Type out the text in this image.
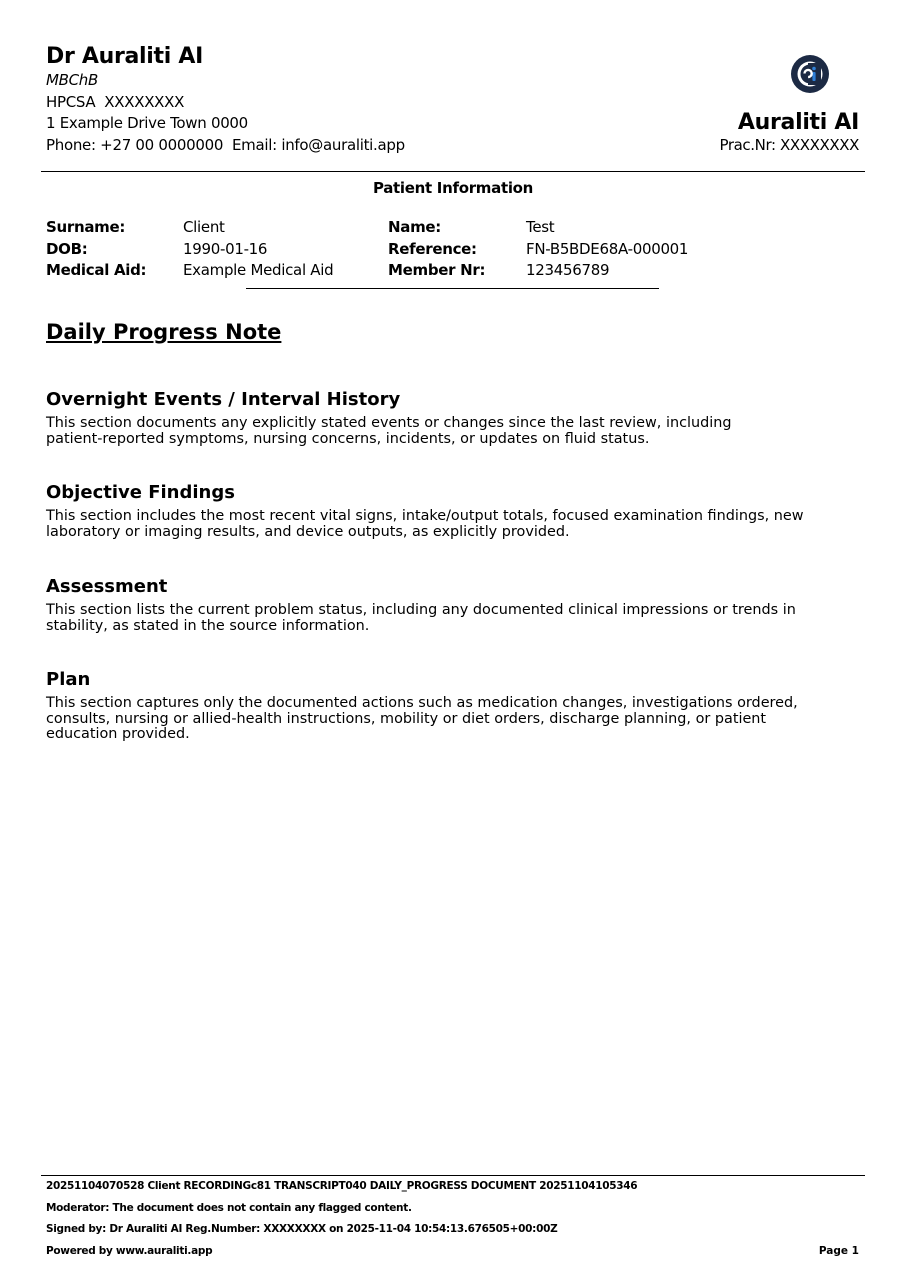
Dr Auraliti AI
MBChB
HPCSA  XXXXXXXX
1 Example Drive Town 0000
Phone: +27 00 0000000  Email: info@auraliti.app
Auraliti AI
Prac.Nr: XXXXXXXX
Patient Information
Surname:	Client	Name:	Test
DOB:	1990-01-16	Reference:	FN-B5BDE68A-000001
Medical Aid: Example Medical Aid	Member Nr:	123456789
Daily Progress Note
Overnight Events / Interval History
This section documents any explicitly stated events or changes since the last review, including
patient-reported symptoms, nursing concerns, incidents, or updates on fluid status.
Objective Findings
This section includes the most recent vital signs, intake/output totals, focused examination findings, new
laboratory or imaging results, and device outputs, as explicitly provided.
Assessment
This section lists the current problem status, including any documented clinical impressions or trends in
stability, as stated in the source information.
Plan
This section captures only the documented actions such as medication changes, investigations ordered,
consults, nursing or allied-health instructions, mobility or diet orders, discharge planning, or patient
education provided.
20251104070528 Client RECORDINGc81 TRANSCRIPT040 DAILY_PROGRESS DOCUMENT 20251104105346
Moderator: The document does not contain any flagged content.
Signed by: Dr Auraliti AI Reg.Number: XXXXXXXX on 2025-11-04 10:54:13.676505+00:00Z
Powered by www.auraliti.app	Page 1
